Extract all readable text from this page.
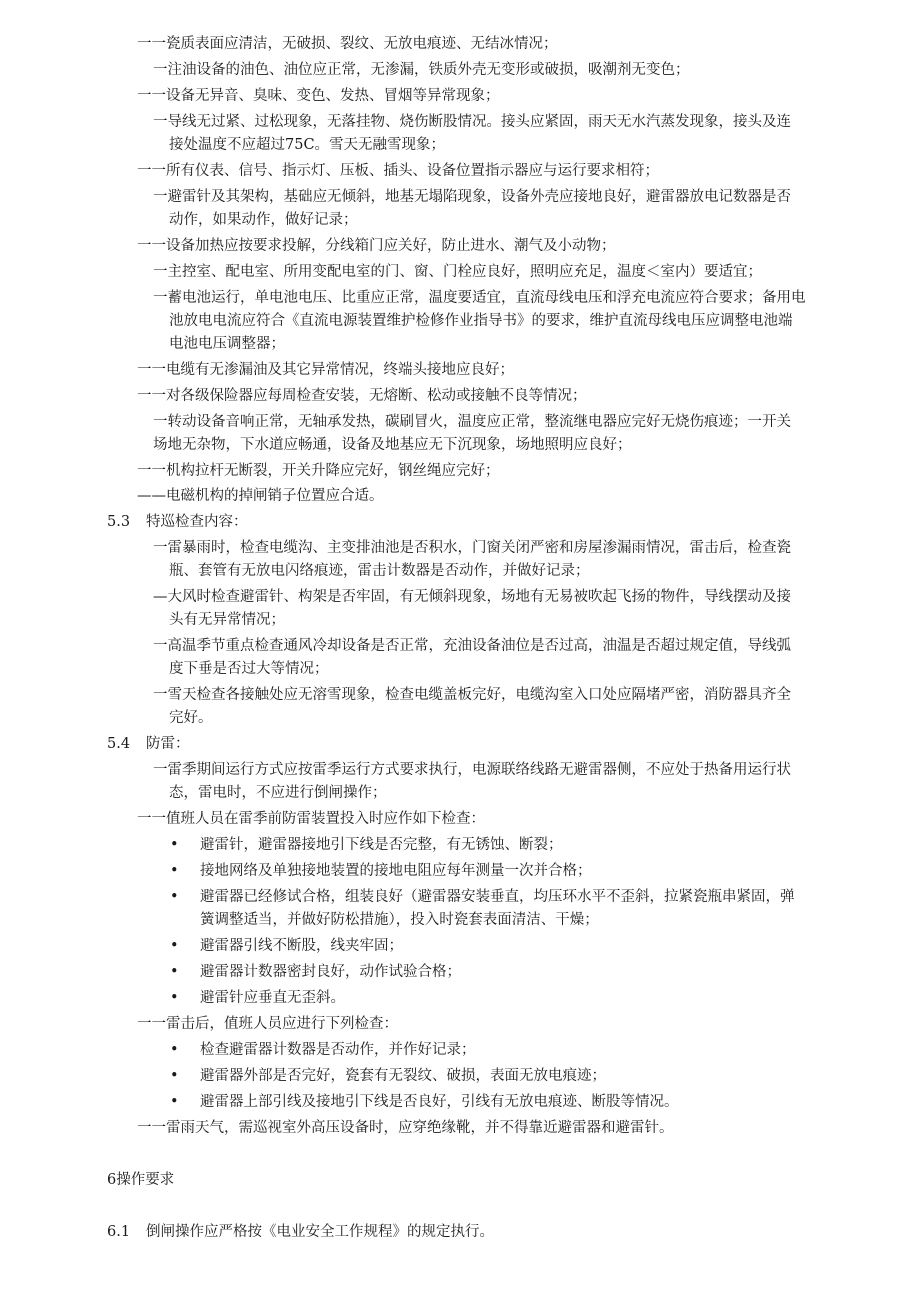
一一瓷质表面应清洁，无破损、裂纹、无放电痕迹、无结冰情况；
一注油设备的油色、油位应正常，无渗漏，铁质外壳无变形或破损，吸潮剂无变色；
一一设备无异音、臭味、变色、发热、冒烟等异常现象；
一导线无过紧、过松现象，无落挂物、烧伤断股情况。接头应紧固，雨天无水汽蒸发现象，接头及连
接处温度不应超过75C。雪天无融雪现象；
一一所有仪表、信号、指示灯、压板、插头、设备位置指示器应与运行要求相符；
一避雷针及其架构，基础应无倾斜，地基无塌陷现象，设备外壳应接地良好，避雷器放电记数器是否
动作，如果动作，做好记录；
一一设备加热应按要求投解，分线箱门应关好，防止进水、潮气及小动物；
一主控室、配电室、所用变配电室的门、窗、门栓应良好，照明应充足，温度＜室内）要适宜；
一蓄电池运行，单电池电压、比重应正常，温度要适宜，直流母线电压和浮充电流应符合要求；备用电
池放电电流应符合《直流电源装置维护检修作业指导书》的要求，维护直流母线电压应调整电池端
电池电压调整器；
一一电缆有无渗漏油及其它异常情况，终端头接地应良好；
一一对各级保险器应每周检查安装，无熔断、松动或接触不良等情况；
一转动设备音响正常，无轴承发热，碳刷冒火，温度应正常，整流继电器应完好无烧伤痕迹；一开关
场地无杂物，下水道应畅通，设备及地基应无下沉现象，场地照明应良好；
一一机构拉杆无断裂，开关升降应完好，钢丝绳应完好；
——电磁机构的掉闸销子位置应合适。
一雷暴雨时，检查电缆沟、主变排油池是否积水，门窗关闭严密和房屋渗漏雨情况，雷击后，检查瓷
瓶、套管有无放电闪络痕迹，雷击计数器是否动作，并做好记录；
—大风时检查避雷针、构架是否牢固，有无倾斜现象，场地有无易被吹起飞扬的物件，导线摆动及接
头有无异常情况；
一高温季节重点检查通风冷却设备是否正常，充油设备油位是否过高，油温是否超过规定值，导线弧
度下垂是否过大等情况；
一雪天检查各接触处应无溶雪现象，检查电缆盖板完好，电缆沟室入口处应隔堵严密，消防器具齐全
完好。
一雷季期间运行方式应按雷季运行方式要求执行，电源联络线路无避雷器侧，不应处于热备用运行状
态，雷电时，不应进行倒闸操作；
一一值班人员在雷季前防雷装置投入时应作如下检查：
避雷针，避雷器接地引下线是否完整，有无锈蚀、断裂；
接地网络及单独接地装置的接地电阻应每年测量一次并合格；
避雷器已经修试合格，组装良好（避雷器安装垂直，均压环水平不歪斜，拉紧瓷瓶串紧固，弹
簧调整适当，并做好防松措施），投入时瓷套表面清洁、干燥；
避雷器引线不断股，线夹牢固；
避雷器计数器密封良好，动作试验合格；
避雷针应垂直无歪斜。
一一雷击后，值班人员应进行下列检查：
检查避雷器计数器是否动作，并作好记录；
避雷器外部是否完好，瓷套有无裂纹、破损，表面无放电痕迹；
避雷器上部引线及接地引下线是否良好，引线有无放电痕迹、断股等情况。
一一雷雨天气，需巡视室外高压设备时，应穿绝缘靴，并不得靠近避雷器和避雷针。
6操作要求
5.3 特巡检查内容：
5.4 防雷：
6.1 倒闸操作应严格按《电业安全工作规程》的规定执行。
•
•
•
•
•
•
•
•
•
